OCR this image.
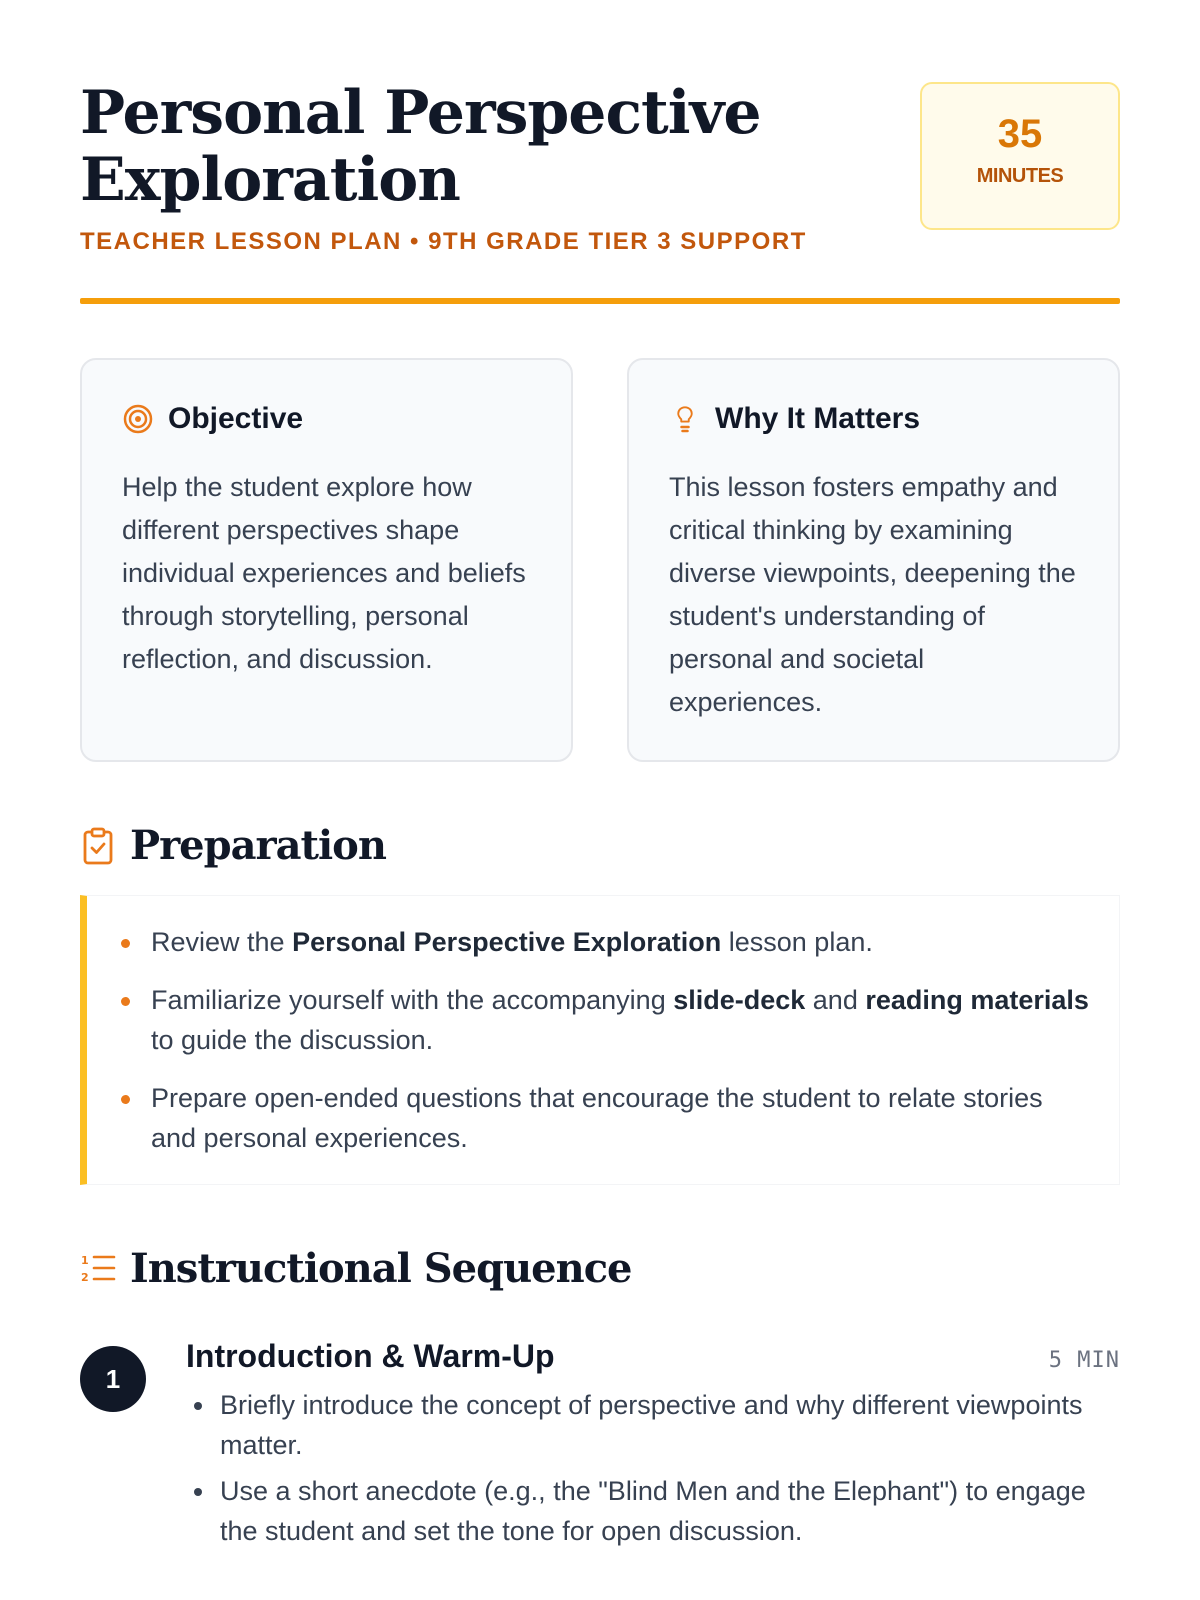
Personal Perspective Exploration
TEACHER LESSON PLAN • 9TH GRADE TIER 3 SUPPORT
35
MINUTES
Objective

Help the student explore how different perspectives shape individual experiences and beliefs through storytelling, personal reflection, and discussion.

Why It Matters

This lesson fosters empathy and critical thinking by examining diverse viewpoints, deepening the student's understanding of personal and societal experiences.

Preparation
Review the Personal Perspective Exploration lesson plan.
Familiarize yourself with the accompanying slide-deck and reading materials to guide the discussion.
Prepare open-ended questions that encourage the student to relate stories and personal experiences.
1
2 Instructional Sequence
1
Introduction & Warm-Up	5 MIN
Briefly introduce the concept of perspective and why different viewpoints matter.
Use a short anecdote (e.g., the "Blind Men and the Elephant") to engage the student and set the tone for open discussion.
